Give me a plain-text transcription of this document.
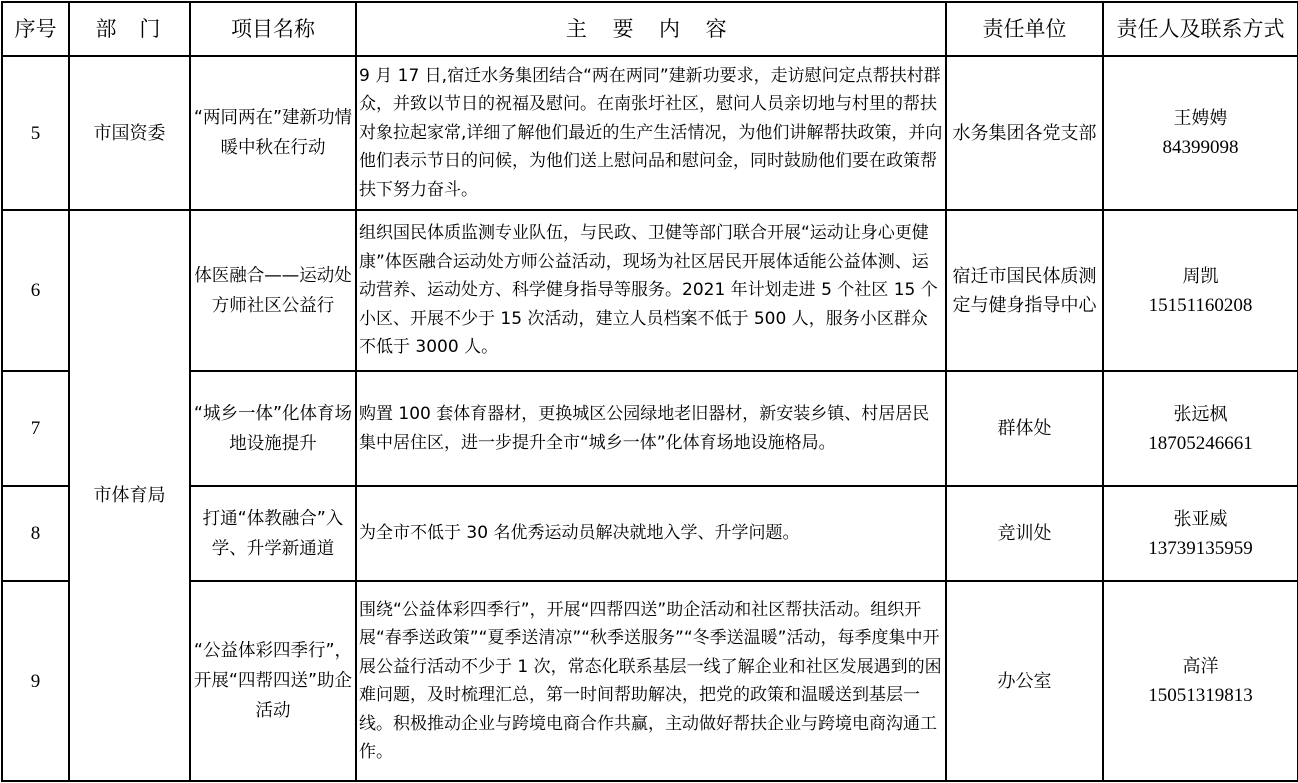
序号	部  门	项目名称	主 要 内 容	责任单位	责任人及联系方式
5	市国资委	“两同两在”建新功情暖中秋在行动	9 月 17 日,宿迁水务集团结合“两在两同”建新功要求，走访慰问定点帮扶村群众，并致以节日的祝福及慰问。在南张圩社区，慰问人员亲切地与村里的帮扶对象拉起家常,详细了解他们最近的生产生活情况，为他们讲解帮扶政策，并向他们表示节日的问候，为他们送上慰问品和慰问金，同时鼓励他们要在政策帮扶下努力奋斗。	水务集团各党支部	王娉娉
84399098

6	市体育局	体医融合——运动处方师社区公益行	组织国民体质监测专业队伍，与民政、卫健等部门联合开展“运动让身心更健康”体医融合运动处方师公益活动，现场为社区居民开展体适能公益体测、运动营养、运动处方、科学健身指导等服务。2021 年计划走进 5 个社区 15 个小区、开展不少于 15 次活动，建立人员档案不低于 500 人，服务小区群众不低于 3000 人。	宿迁市国民体质测定与健身指导中心	周凯
15151160208

7		“城乡一体”化体育场地设施提升	购置 100 套体育器材，更换城区公园绿地老旧器材，新安装乡镇、村居居民集中居住区，进一步提升全市“城乡一体”化体育场地设施格局。	群体处	张远枫
18705246661

8		打通“体教融合”入学、升学新通道	为全市不低于 30 名优秀运动员解决就地入学、升学问题。	竞训处	张亚威
13739135959

9		“公益体彩四季行”，开展“四帮四送”助企活动	围绕“公益体彩四季行”，开展“四帮四送”助企活动和社区帮扶活动。组织开展“春季送政策”“夏季送清凉”“秋季送服务”“冬季送温暖”活动，每季度集中开展公益行活动不少于 1 次，常态化联系基层一线了解企业和社区发展遇到的困难问题，及时梳理汇总，第一时间帮助解决，把党的政策和温暖送到基层一线。积极推动企业与跨境电商合作共赢，主动做好帮扶企业与跨境电商沟通工作。	办公室	高洋
15051319813
